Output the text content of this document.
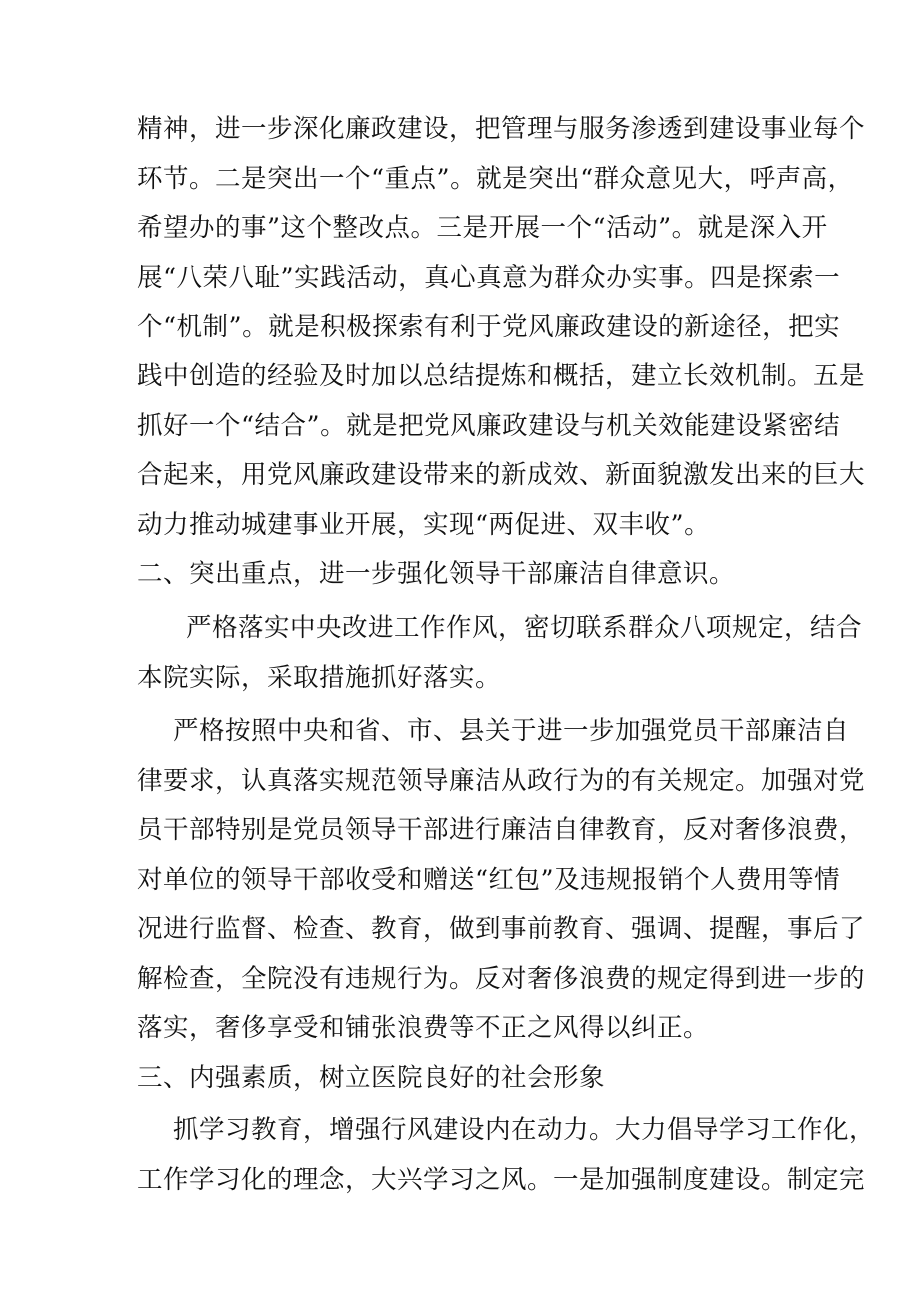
精神，进一步深化廉政建设，把管理与服务渗透到建设事业每个
环节。二是突出一个“重点”。就是突出“群众意见大，呼声高，
希望办的事”这个整改点。三是开展一个“活动”。就是深入开
展“八荣八耻”实践活动，真心真意为群众办实事。四是探索一
个“机制”。就是积极探索有利于党风廉政建设的新途径，把实
践中创造的经验及时加以总结提炼和概括，建立长效机制。五是
抓好一个“结合”。就是把党风廉政建设与机关效能建设紧密结
合起来，用党风廉政建设带来的新成效、新面貌激发出来的巨大
动力推动城建事业开展，实现“两促进、双丰收”。
二、突出重点，进一步强化领导干部廉洁自律意识。
严格落实中央改进工作作风，密切联系群众八项规定，结合
本院实际，采取措施抓好落实。
严格按照中央和省、市、县关于进一步加强党员干部廉洁自
律要求，认真落实规范领导廉洁从政行为的有关规定。加强对党
员干部特别是党员领导干部进行廉洁自律教育，反对奢侈浪费，
对单位的领导干部收受和赠送“红包”及违规报销个人费用等情
况进行监督、检查、教育，做到事前教育、强调、提醒，事后了
解检查，全院没有违规行为。反对奢侈浪费的规定得到进一步的
落实，奢侈享受和铺张浪费等不正之风得以纠正。
三、内强素质，树立医院良好的社会形象
抓学习教育，增强行风建设内在动力。大力倡导学习工作化，
工作学习化的理念，大兴学习之风。一是加强制度建设。制定完
